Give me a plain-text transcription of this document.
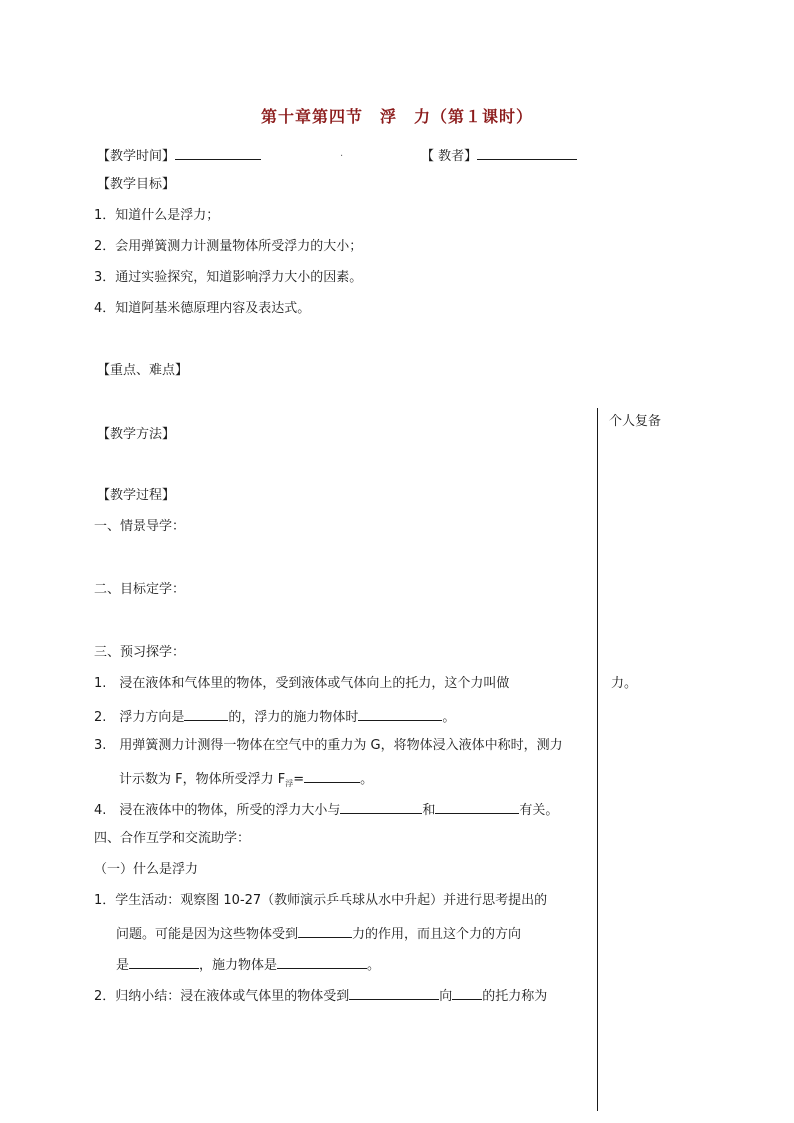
第十章第四节　浮　力（第１课时）
【教学时间】	.	【 教者】
【教学目标】
1．知道什么是浮力；
2．会用弹簧测力计测量物体所受浮力的大小；
3．通过实验探究，知道影响浮力大小的因素。
4．知道阿基米德原理内容及表达式。
【重点、难点】
【教学方法】
【教学过程】
一、情景导学：
二、目标定学：
三、预习探学：
1.　浸在液体和气体里的物体，受到液体或气体向上的托力，这个力叫做
2.　浮力方向是	的，浮力的施力物体时	。
3.　用弹簧测力计测得一物体在空气中的重力为 G，将物体浸入液体中称时，测力
计示数为 F，物体所受浮力 $F_浮=$	。
4.　浸在液体中的物体，所受的浮力大小与	和	有关。
四、合作互学和交流助学：
（一）什么是浮力
1．学生活动：观察图 10-27（教师演示乒乓球从水中升起）并进行思考提出的
问题。可能是因为这些物体受到	力的作用，而且这个力的方向
是	，施力物体是	。
2．归纳小结：浸在液体或气体里的物体受到	向 的托力称为
个人复备
力。
